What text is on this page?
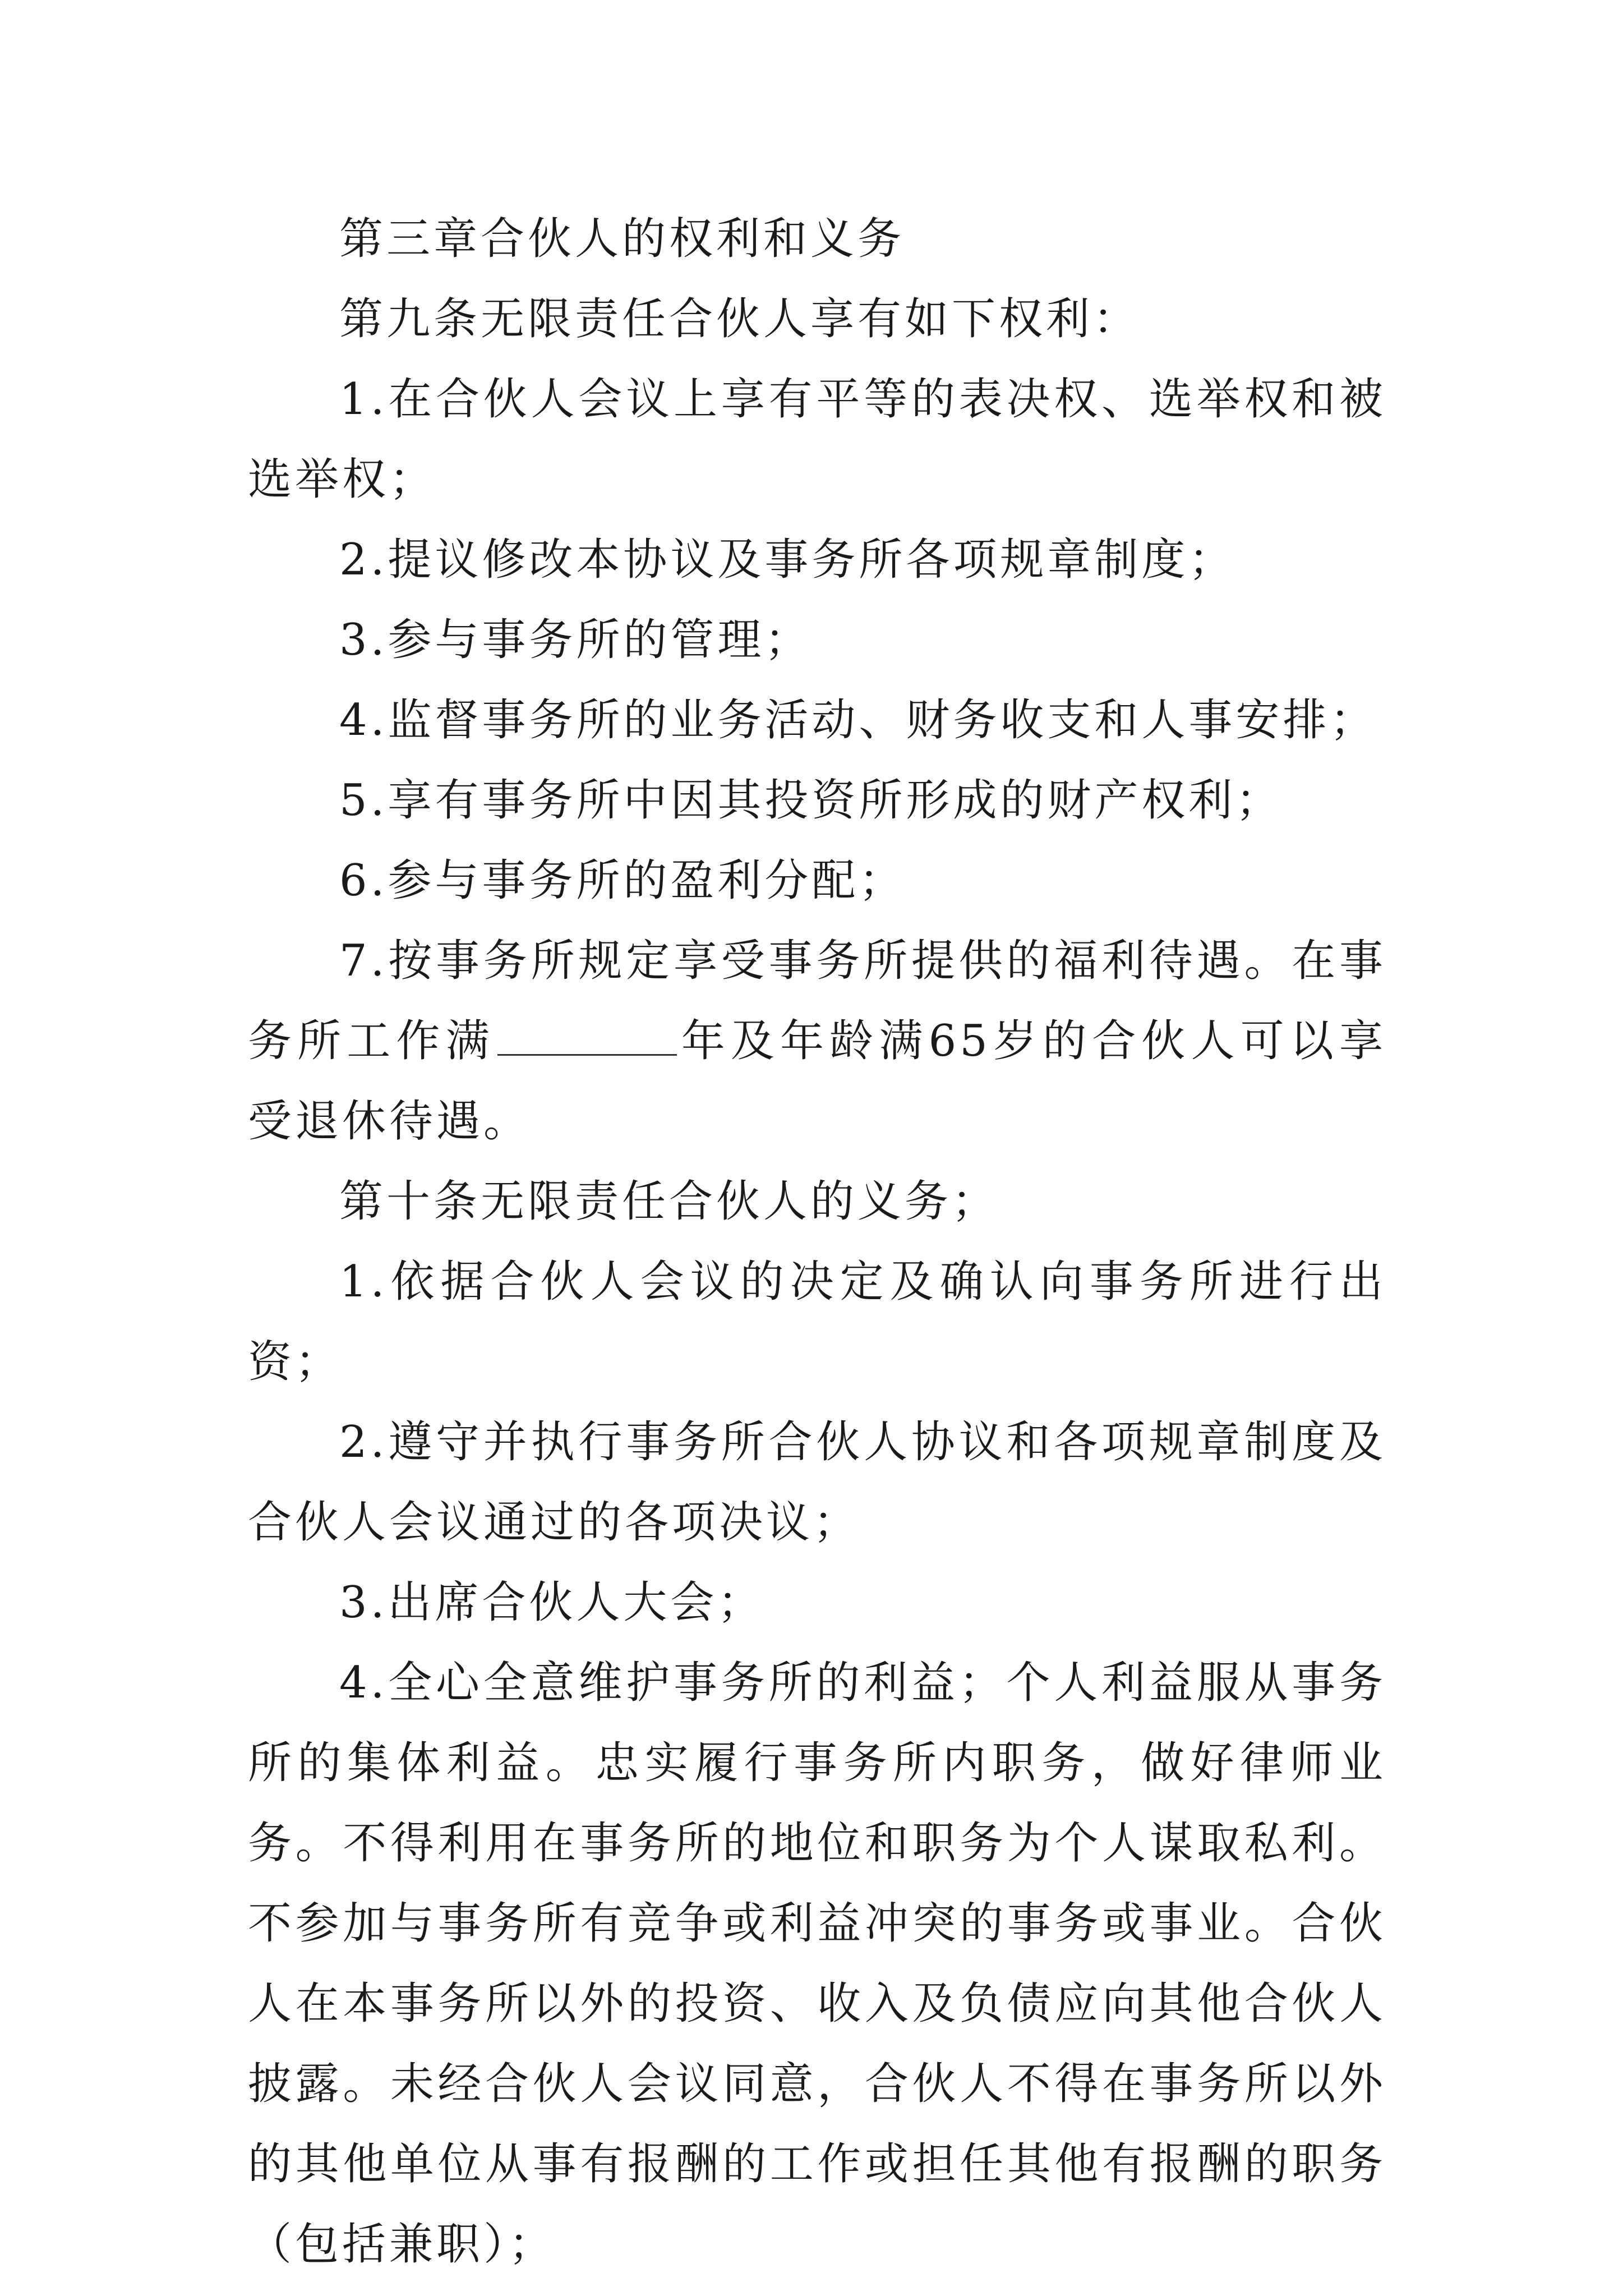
第三章合伙人的权利和义务

第九条无限责任合伙人享有如下权利：

1.在合伙人会议上享有平等的表决权、选举权和被选举权；

2.提议修改本协议及事务所各项规章制度；

3.参与事务所的管理；

4.监督事务所的业务活动、财务收支和人事安排；

5.享有事务所中因其投资所形成的财产权利；

6.参与事务所的盈利分配；

7.按事务所规定享受事务所提供的福利待遇。在事务所工作满	年及年龄满65岁的合伙人可以享受退休待遇。

第十条无限责任合伙人的义务；

1.依据合伙人会议的决定及确认向事务所进行出资；

2.遵守并执行事务所合伙人协议和各项规章制度及合伙人会议通过的各项决议；

3.出席合伙人大会；

4.全心全意维护事务所的利益；个人利益服从事务所的集体利益。忠实履行事务所内职务，做好律师业务。不得利用在事务所的地位和职务为个人谋取私利。不参加与事务所有竞争或利益冲突的事务或事业。合伙人在本事务所以外的投资、收入及负债应向其他合伙人披露。未经合伙人会议同意，合伙人不得在事务所以外的其他单位从事有报酬的工作或担任其他有报酬的职务（包括兼职）；
